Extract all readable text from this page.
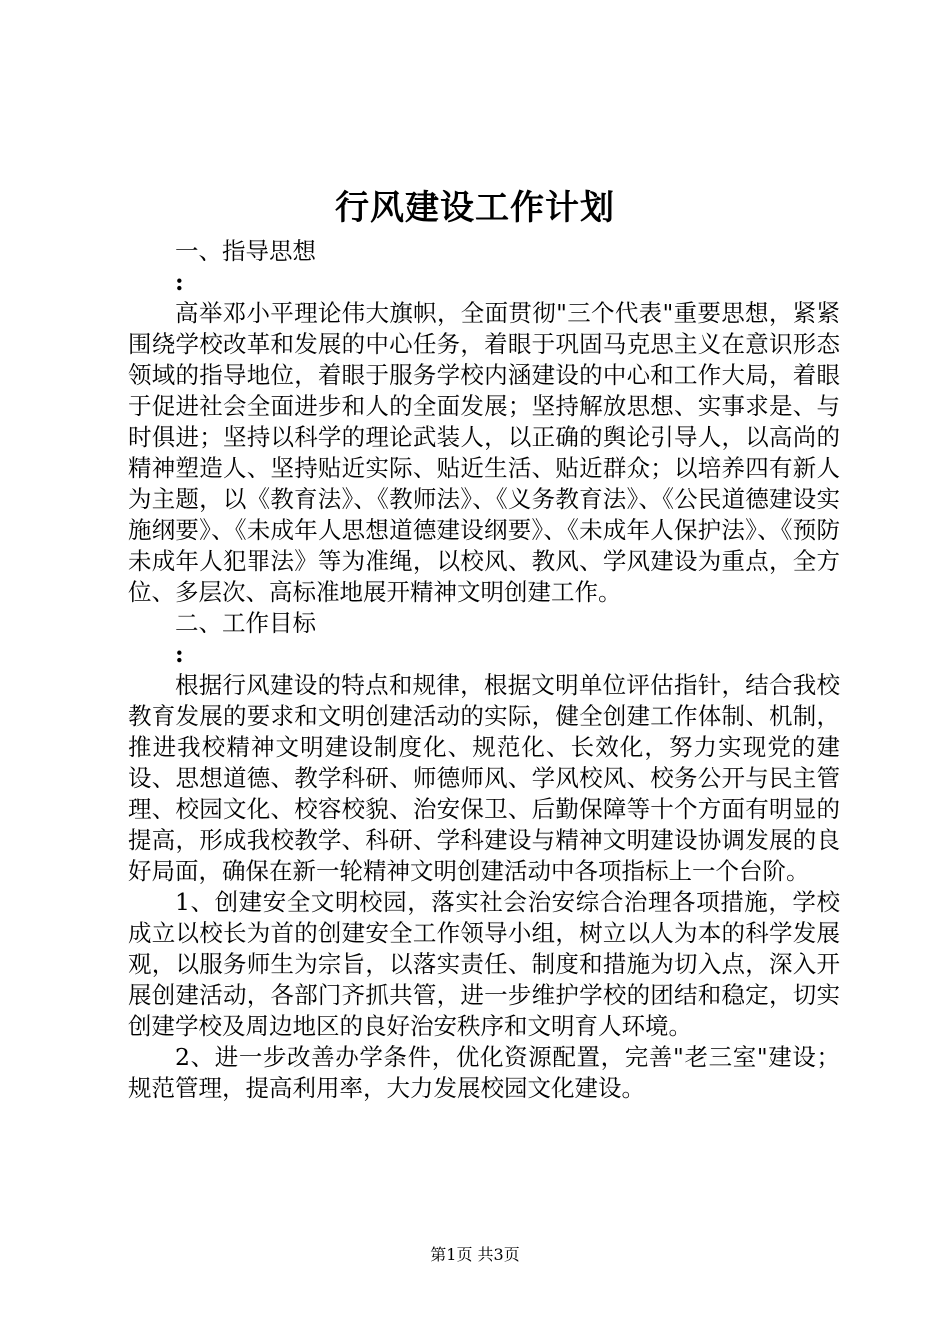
行风建设工作计划

一、指导思想

:

高举邓小平理论伟大旗帜，全面贯彻"三个代表"重要思想，紧紧围绕学校改革和发展的中心任务，着眼于巩固马克思主义在意识形态领域的指导地位，着眼于服务学校内涵建设的中心和工作大局，着眼于促进社会全面进步和人的全面发展；坚持解放思想、实事求是、与时俱进；坚持以科学的理论武装人，以正确的舆论引导人，以高尚的精神塑造人、坚持贴近实际、贴近生活、贴近群众；以培养四有新人为主题，以《教育法》、《教师法》、《义务教育法》、《公民道德建设实施纲要》、《未成年人思想道德建设纲要》、《未成年人保护法》、《预防未成年人犯罪法》等为准绳，以校风、教风、学风建设为重点，全方位、多层次、高标准地展开精神文明创建工作。

二、工作目标

:

根据行风建设的特点和规律，根据文明单位评估指针，结合我校教育发展的要求和文明创建活动的实际，健全创建工作体制、机制，推进我校精神文明建设制度化、规范化、长效化，努力实现党的建设、思想道德、教学科研、师德师风、学风校风、校务公开与民主管理、校园文化、校容校貌、治安保卫、后勤保障等十个方面有明显的提高，形成我校教学、科研、学科建设与精神文明建设协调发展的良好局面，确保在新一轮精神文明创建活动中各项指标上一个台阶。

1、创建安全文明校园，落实社会治安综合治理各项措施，学校成立以校长为首的创建安全工作领导小组，树立以人为本的科学发展观，以服务师生为宗旨，以落实责任、制度和措施为切入点，深入开展创建活动，各部门齐抓共管，进一步维护学校的团结和稳定，切实创建学校及周边地区的良好治安秩序和文明育人环境。

2、进一步改善办学条件，优化资源配置，完善"老三室"建设；规范管理，提高利用率，大力发展校园文化建设。

第1页 共3页
